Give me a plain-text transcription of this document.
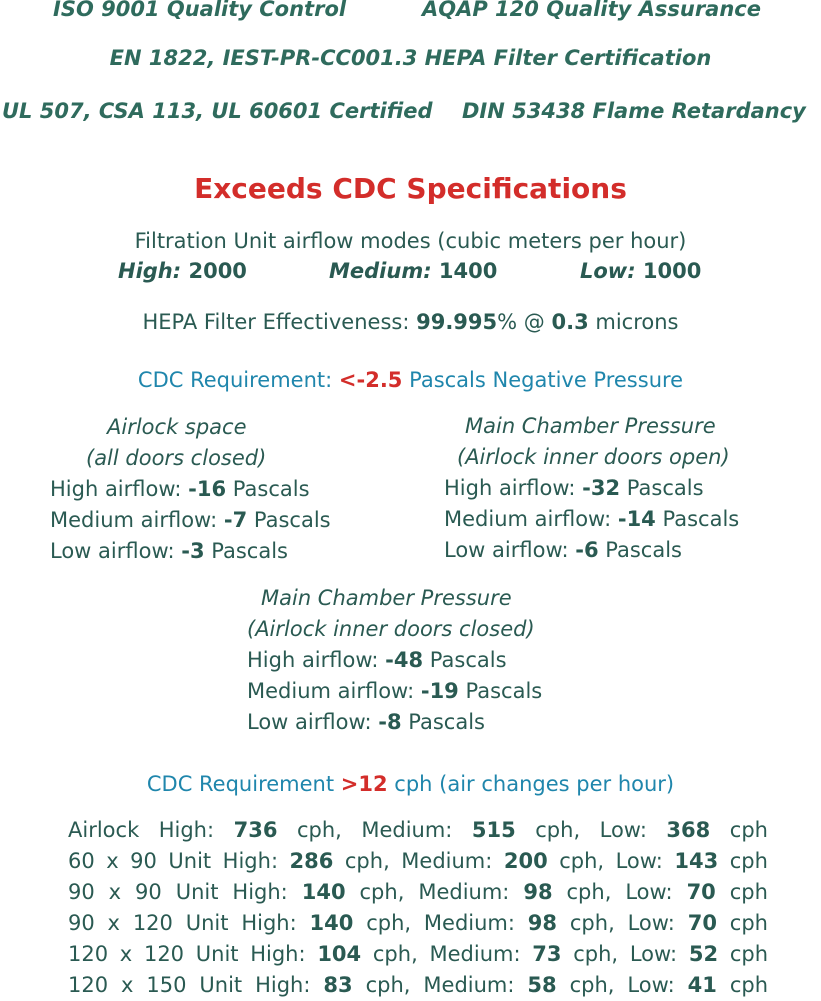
ISO 9001 Quality Control	AQAP 120 Quality Assurance
EN 1822, IEST-PR-CC001.3 HEPA Filter Certification
UL 507, CSA 113, UL 60601 Certified DIN 53438 Flame Retardancy
Exceeds CDC Specifications
Filtration Unit airflow modes (cubic meters per hour)
High: 2000	Medium: 1400	Low: 1000
HEPA Filter Effectiveness: 99.995% @ 0.3 microns
CDC Requirement: <-2.5 Pascals Negative Pressure
Airlock space
(all doors closed)
High airflow: -16 Pascals
Medium airflow: -7 Pascals
Low airflow: -3 Pascals
Main Chamber Pressure
(Airlock inner doors open)
High airflow: -32 Pascals
Medium airflow: -14 Pascals
Low airflow: -6 Pascals
Main Chamber Pressure
(Airlock inner doors closed)
High airflow: -48 Pascals
Medium airflow: -19 Pascals
Low airflow: -8 Pascals
CDC Requirement >12 cph (air changes per hour)
Airlock High: 736 cph, Medium: 515 cph, Low: 368 cph
60 x 90 Unit High: 286 cph, Medium: 200 cph, Low: 143 cph
90 x 90 Unit High: 140 cph, Medium: 98 cph, Low: 70 cph
90 x 120 Unit High: 140 cph, Medium: 98 cph, Low: 70 cph
120 x 120 Unit High: 104 cph, Medium: 73 cph, Low: 52 cph
120 x 150 Unit High: 83 cph, Medium: 58 cph, Low: 41 cph
